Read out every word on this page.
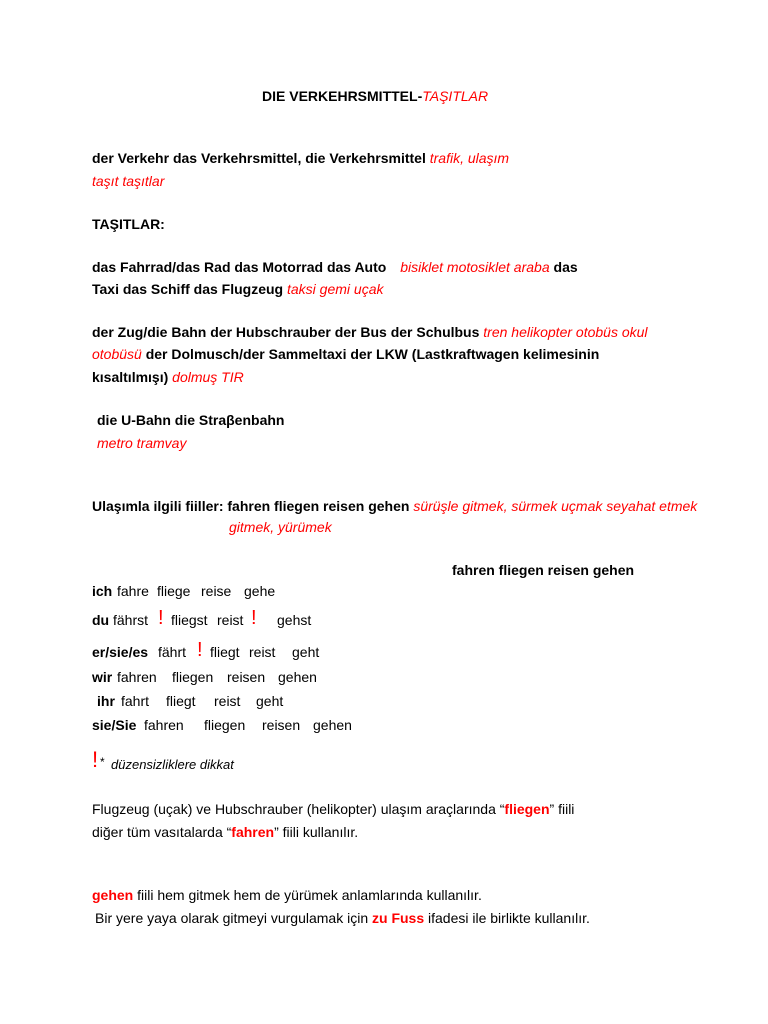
DIE VERKEHRSMITTEL-TAŞITLAR
der Verkehr das Verkehrsmittel, die Verkehrsmittel trafik, ulaşım
taşıt taşıtlar
TAŞITLAR:
das Fahrrad/das Rad das Motorrad das Auto bisiklet motosiklet araba das
Taxi das Schiff das Flugzeug taksi gemi uçak
der Zug/die Bahn der Hubschrauber der Bus der Schulbus tren helikopter otobüs okul
otobüsü der Dolmusch/der Sammeltaxi der LKW (Lastkraftwagen kelimesinin
kısaltılmışı) dolmuş TIR
die U-Bahn die Straβenbahn
metro tramvay
Ulaşımla ilgili fiiller: fahren fliegen reisen gehen sürüşle gitmek, sürmek uçmak seyahat etmek
gitmek, yürümek
fahren fliegen reisen gehen
ich fahre fliege reise gehe
du fährst ! fliegst reist ! gehst
er/sie/es fährt ! fliegt reist geht
wir fahren fliegen reisen gehen
ihr fahrt fliegt reist geht
sie/Sie fahren fliegen reisen gehen
! * düzensizliklere dikkat
Flugzeug (uçak) ve Hubschrauber (helikopter) ulaşım araçlarında “fliegen” fiili
diğer tüm vasıtalarda “fahren” fiili kullanılır.
gehen fiili hem gitmek hem de yürümek anlamlarında kullanılır.
Bir yere yaya olarak gitmeyi vurgulamak için zu Fuss ifadesi ile birlikte kullanılır.
